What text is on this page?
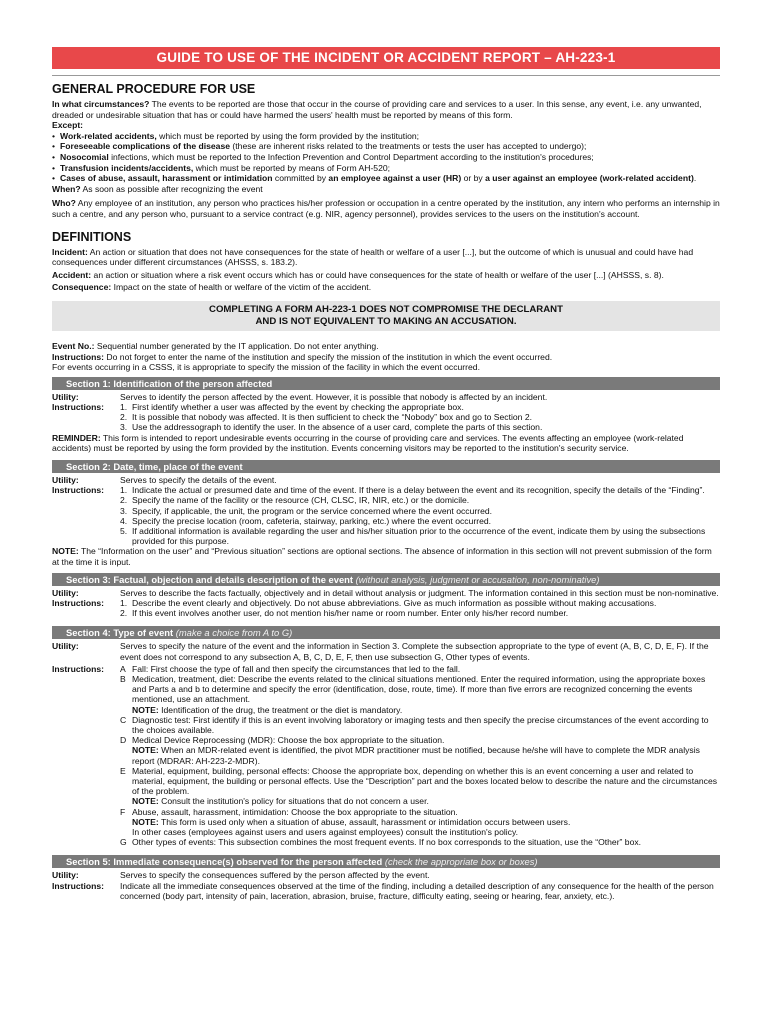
GUIDE TO USE OF THE INCIDENT OR ACCIDENT REPORT – AH-223-1
GENERAL PROCEDURE FOR USE

In what circumstances? The events to be reported are those that occur in the course of providing care and services to a user. In this sense, any event, i.e. any unwanted, dreaded or undesirable situation that has or could have harmed the users' health must be reported by means of this form.

Except:

• Work-related accidents, which must be reported by using the form provided by the institution;
• Foreseeable complications of the disease (these are inherent risks related to the treatments or tests the user has accepted to undergo);
• Nosocomial infections, which must be reported to the Infection Prevention and Control Department according to the institution's procedures;
• Transfusion incidents/accidents, which must be reported by means of Form AH-520;
• Cases of abuse, assault, harassment or intimidation committed by an employee against a user (HR) or by a user against an employee (work-related accident).

When? As soon as possible after recognizing the event

Who? Any employee of an institution, any person who practices his/her profession or occupation in a centre operated by the institution, any intern who performs an internship in such a centre, and any person who, pursuant to a service contract (e.g. NIR, agency personnel), provides services to the users on the institution's account.

DEFINITIONS

Incident: An action or situation that does not have consequences for the state of health or welfare of a user [...], but the outcome of which is unusual and could have had consequences under different circumstances (AHSSS, s. 183.2).

Accident: an action or situation where a risk event occurs which has or could have consequences for the state of health or welfare of the user [...] (AHSSS, s. 8).

Consequence: Impact on the state of health or welfare of the victim of the accident.

COMPLETING A FORM AH-223-1 DOES NOT COMPROMISE THE DECLARANT
AND IS NOT EQUIVALENT TO MAKING AN ACCUSATION.

Event No.: Sequential number generated by the IT application. Do not enter anything.

Instructions: Do not forget to enter the name of the institution and specify the mission of the institution in which the event occurred.

For events occurring in a CSSS, it is appropriate to specify the mission of the facility in which the event occurred.

Section 1: Identification of the person affected
Utility:	Serves to identify the person affected by the event. However, it is possible that nobody is affected by an incident.
Instructions:	1. First identify whether a user was affected by the event by checking the appropriate box.
2. It is possible that nobody was affected. It is then sufficient to check the “Nobody” box and go to Section 2.
3. Use the addressograph to identify the user. In the absence of a user card, complete the parts of this section.

REMINDER: This form is intended to report undesirable events occurring in the course of providing care and services. The events affecting an employee (work-related accidents) must be reported by using the form provided by the institution. Events concerning visitors may be reported to the institution's security service.

Section 2: Date, time, place of the event
Utility:	Serves to specify the details of the event.
Instructions:	1. Indicate the actual or presumed date and time of the event. If there is a delay between the event and its recognition, specify the details of the “Finding”.
2. Specify the name of the facility or the resource (CH, CLSC, IR, NIR, etc.) or the domicile.
3. Specify, if applicable, the unit, the program or the service concerned where the event occurred.
4. Specify the precise location (room, cafeteria, stairway, parking, etc.) where the event occurred.
5. If additional information is available regarding the user and his/her situation prior to the occurrence of the event, indicate them by using the subsections provided for this purpose.

NOTE: The “Information on the user” and “Previous situation” sections are optional sections. The absence of information in this section will not prevent submission of the form at the time it is input.

Section 3: Factual, objection and details description of the event (without analysis, judgment or accusation, non-nominative)
Utility:	Serves to describe the facts factually, objectively and in detail without analysis or judgment. The information contained in this section must be non-nominative.
Instructions:	1. Describe the event clearly and objectively. Do not abuse abbreviations. Give as much information as possible without making accusations.
2. If this event involves another user, do not mention his/her name or room number. Enter only his/her record number.
Section 4: Type of event (make a choice from A to G)
Utility:	Serves to specify the nature of the event and the information in Section 3. Complete the subsection appropriate to the type of event (A, B, C, D, E, F). If the event does not correspond to any subsection A, B, C, D, E, F, then use subsection G, Other types of events.
Instructions:	A Fall: First choose the type of fall and then specify the circumstances that led to the fall.
B Medication, treatment, diet: Describe the events related to the clinical situations mentioned. Enter the required information, using the appropriate boxes and Parts a and b to determine and specify the error (identification, dose, route, time). If more than five errors are recognized concerning the events mentioned, use an attachment.
NOTE: Identification of the drug, the treatment or the diet is mandatory.
C Diagnostic test: First identify if this is an event involving laboratory or imaging tests and then specify the precise circumstances of the event according to the choices available.
D Medical Device Reprocessing (MDR): Choose the box appropriate to the situation.
NOTE: When an MDR-related event is identified, the pivot MDR practitioner must be notified, because he/she will have to complete the MDR analysis report (MDRAR: AH-223-2-MDR).
E Material, equipment, building, personal effects: Choose the appropriate box, depending on whether this is an event concerning a user and related to material, equipment, the building or personal effects. Use the “Description” part and the boxes located below to describe the nature and the circumstances of the problem.
NOTE: Consult the institution's policy for situations that do not concern a user.
F Abuse, assault, harassment, intimidation: Choose the box appropriate to the situation.
NOTE: This form is used only when a situation of abuse, assault, harassment or intimidation occurs between users.
In other cases (employees against users and users against employees) consult the institution's policy.
G Other types of events: This subsection combines the most frequent events. If no box corresponds to the situation, use the “Other” box.
Section 5: Immediate consequence(s) observed for the person affected (check the appropriate box or boxes)
Utility:	Serves to specify the consequences suffered by the person affected by the event.
Instructions:	Indicate all the immediate consequences observed at the time of the finding, including a detailed description of any consequence for the health of the person concerned (body part, intensity of pain, laceration, abrasion, bruise, fracture, difficulty eating, seeing or hearing, fear, anxiety, etc.).
